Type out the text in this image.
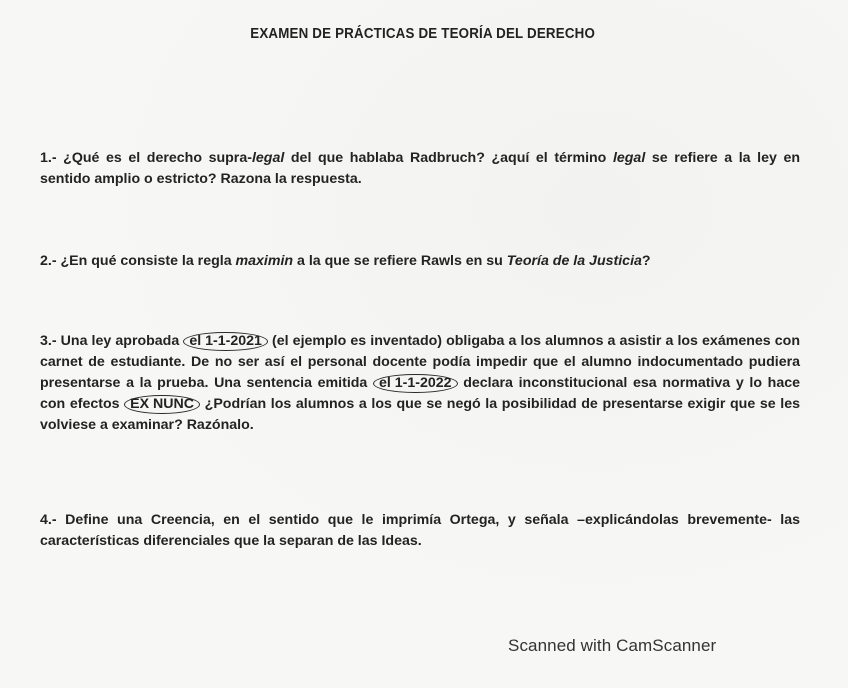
EXAMEN DE PRÁCTICAS DE TEORÍA DEL DERECHO
1.- ¿Qué es el derecho supra-legal del que hablaba Radbruch? ¿aquí el término legal se refiere a la ley en sentido amplio o estricto? Razona la respuesta.
2.- ¿En qué consiste la regla maximin a la que se refiere Rawls en su Teoría de la Justicia?
3.- Una ley aprobada el 1-1-2021 (el ejemplo es inventado) obligaba a los alumnos a asistir a los exámenes con carnet de estudiante. De no ser así el personal docente podía impedir que el alumno indocumentado pudiera presentarse a la prueba. Una sentencia emitida el 1-1-2022 declara inconstitucional esa normativa y lo hace con efectos EX NUNC ¿Podrían los alumnos a los que se negó la posibilidad de presentarse exigir que se les volviese a examinar? Razónalo.
4.- Define una Creencia, en el sentido que le imprimía Ortega, y señala –explicándolas brevemente- las características diferenciales que la separan de las Ideas.
Scanned with CamScanner
